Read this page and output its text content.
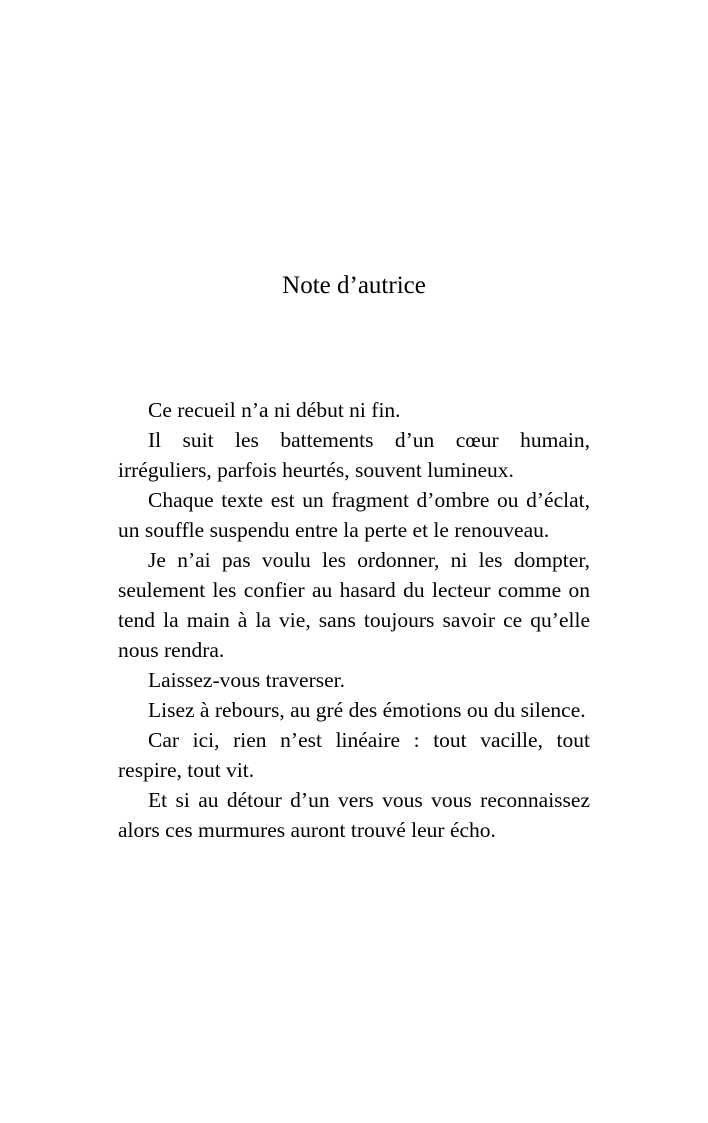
Note d’autrice

Ce recueil n’a ni début ni fin.

Il suit les battements d’un cœur humain, irréguliers, parfois heurtés, souvent lumineux.

Chaque texte est un fragment d’ombre ou d’éclat, un souffle suspendu entre la perte et le renouveau.

Je n’ai pas voulu les ordonner, ni les dompter, seulement les confier au hasard du lecteur comme on tend la main à la vie, sans toujours savoir ce qu’elle nous rendra.

Laissez-vous traverser.

Lisez à rebours, au gré des émotions ou du silence.

Car ici, rien n’est linéaire : tout vacille, tout respire, tout vit.

Et si au détour d’un vers vous vous reconnaissez alors ces murmures auront trouvé leur écho.
